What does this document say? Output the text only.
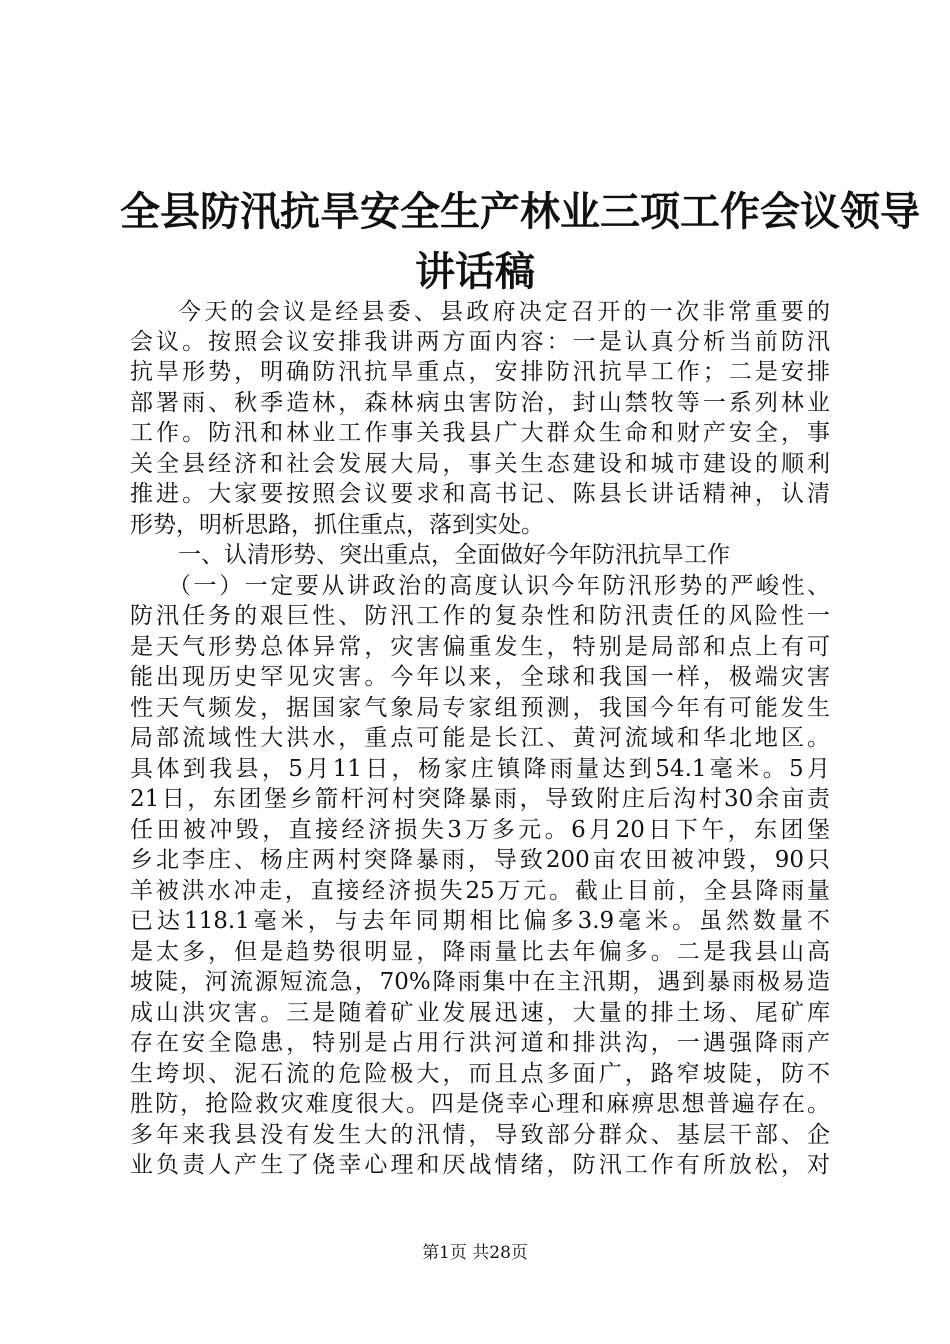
全县防汛抗旱安全生产林业三项工作会议领导
讲话稿
今天的会议是经县委、县政府决定召开的一次非常重要的
会议。按照会议安排我讲两方面内容：一是认真分析当前防汛
抗旱形势，明确防汛抗旱重点，安排防汛抗旱工作；二是安排
部署雨、秋季造林，森林病虫害防治，封山禁牧等一系列林业
工作。防汛和林业工作事关我县广大群众生命和财产安全，事
关全县经济和社会发展大局，事关生态建设和城市建设的顺利
推进。大家要按照会议要求和高书记、陈县长讲话精神，认清
形势，明析思路，抓住重点，落到实处。
一、认清形势、突出重点，全面做好今年防汛抗旱工作
（一）一定要从讲政治的高度认识今年防汛形势的严峻性、
防汛任务的艰巨性、防汛工作的复杂性和防汛责任的风险性一
是天气形势总体异常，灾害偏重发生，特别是局部和点上有可
能出现历史罕见灾害。今年以来，全球和我国一样，极端灾害
性天气频发，据国家气象局专家组预测，我国今年有可能发生
局部流域性大洪水，重点可能是长江、黄河流域和华北地区。
具体到我县，5月11日，杨家庄镇降雨量达到54.1毫米。5月
21日，东团堡乡箭杆河村突降暴雨，导致附庄后沟村30余亩责
任田被冲毁，直接经济损失3万多元。6月20日下午，东团堡
乡北李庄、杨庄两村突降暴雨，导致200亩农田被冲毁，90只
羊被洪水冲走，直接经济损失25万元。截止目前，全县降雨量
已达118.1毫米，与去年同期相比偏多3.9毫米。虽然数量不
是太多，但是趋势很明显，降雨量比去年偏多。二是我县山高
坡陡，河流源短流急，70%降雨集中在主汛期，遇到暴雨极易造
成山洪灾害。三是随着矿业发展迅速，大量的排土场、尾矿库
存在安全隐患，特别是占用行洪河道和排洪沟，一遇强降雨产
生垮坝、泥石流的危险极大，而且点多面广，路窄坡陡，防不
胜防，抢险救灾难度很大。四是侥幸心理和麻痹思想普遍存在。
多年来我县没有发生大的汛情，导致部分群众、基层干部、企
业负责人产生了侥幸心理和厌战情绪，防汛工作有所放松，对
第1页 共28页
